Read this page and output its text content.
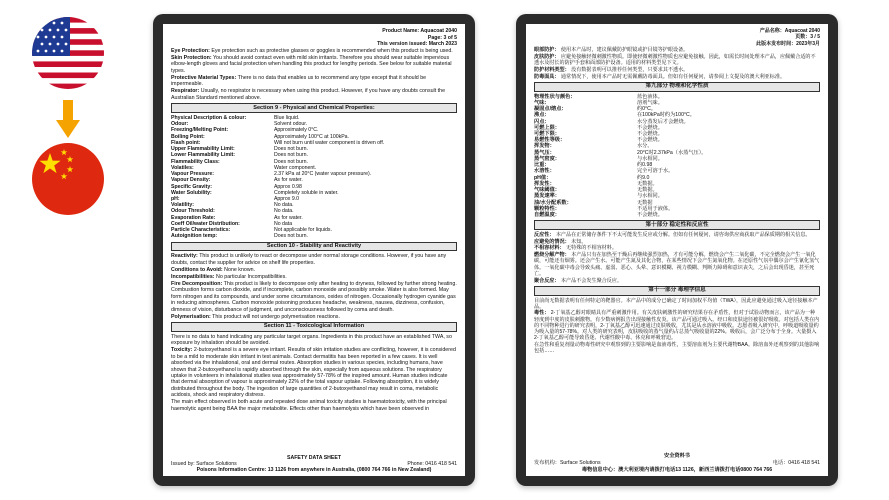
Product Name: Aquacoat 2040
Page: 3 of 5
This version issued: March 2023
Eye Protection: Eye protection such as protective glasses or goggles is recommended when this product is being used.
Skin Protection: You should avoid contact even with mild skin irritants. Therefore you should wear suitable impervious elbow-length gloves and facial protection when handling this product for lengthy periods. See below for suitable material types.
Protective Material Types: There is no data that enables us to recommend any type except that it should be impermeable.
Respirator: Usually, no respirator is necessary when using this product. However, if you have any doubts consult the Australian Standard mentioned above.
Section 9 - Physical and Chemical Properties:
Physical Description & colour:	Blue liquid.
Odour:	Solvent odour.
Freezing/Melting Point:	Approximately 0°C.
Boiling Point:	Approximately 100°C at 100kPa.
Flash point:	Will not burn until water component is driven off.
Upper Flammability Limit:	Does not burn.
Lower Flammability Limit:	Does not burn.
Flammability Class:	Does not burn.
Volatiles:	Water component.
Vapour Pressure:	2.37 kPa at 20°C (water vapour pressure).
Vapour Density:	As for water.
Specific Gravity:	Approx 0.98
Water Solubility:	Completely soluble in water.
pH:	Approx 9.0
Volatility:	No data.
Odour Threshold:	No data.
Evaporation Rate:	As for water.
Coeff Oil/water Distribution:	No data
Particle Characteristics:	Not applicable for liquids.
Autoignition temp:	Does not burn.
Section 10 - Stability and Reactivity
Reactivity: This product is unlikely to react or decompose under normal storage conditions. However, if you have any doubts, contact the supplier for advice on shelf life properties.
Conditions to Avoid: None known.
Incompatibilities: No particular Incompatibilities.
Fire Decomposition: This product is likely to decompose only after heating to dryness, followed by further strong heating. Combustion forms carbon dioxide, and if incomplete, carbon monoxide and possibly smoke. Water is also formed. May form nitrogen and its compounds, and under some circumstances, oxides of nitrogen. Occasionally hydrogen cyanide gas in reducing atmospheres. Carbon monoxide poisoning produces headache, weakness, nausea, dizziness, confusion, dimness of vision, disturbance of judgment, and unconsciousness followed by coma and death.
Polymerisation: This product will not undergo polymerisation reactions.
Section 11 - Toxicological Information
There is no data to hand indicating any particular target organs. Ingredients in this product have an established TWA, so exposure by inhalation should be avoided.
Toxicity: 2-butoxyethanol is a severe eye irritant. Results of skin irritation studies are conflicting, however, it is considered to be a mild to moderate skin irritant in test animals. Contact dermatitis has been reported in a few cases. It is well absorbed via the inhalational, oral and dermal routes. Absorption studies in various species, including humans, have shown that 2-butoxyethanol is rapidly absorbed through the skin, especially from aqueous solutions. The respiratory uptake in volunteers in inhalational studies was approximately 57-78% of the inspired amount. Human studies indicate that dermal absorption of vapour is approximately 22% of the total vapour uptake. Following absorption, it is widely distributed throughout the body. The ingestion of large quantities of 2-butoxyethanol may result in coma, metabolic acidosis, shock and respiratory distress.
The main effect observed in both acute and repeated dose animal toxicity studies is haematotoxicity, with the principal haemolytic agent being BAA the major metabolite. Effects other than haemolysis which have been observed in
SAFETY DATA SHEET
Issued by: Surface Solutions	Phone: 0416 418 541
Poisons Information Centre: 13 1126 from anywhere in Australia, (0800 764 766 in New Zealand)
产品名称：Aquacoat 2040
页数：3 / 5
此版本发布时间：2023年3月
眼部防护： 使用本产品时，建议佩戴防护眼镜或护目镜等护眼设备。
皮肤防护： 应避免接触轻微刺激性物质。即使轻微刺激性物质也应避免接触。因此，如需长时间处理本产品，应佩戴合适的不透水及肘长的防护手套和面部防护设备。适用的材料类型见下文。
防护材料类型： 没有数据表明可以推荐任何类型，只要求其不透水。
防毒面具： 通常情况下，使用本产品时无需佩戴防毒面具。但如有任何疑问，请参阅上文提及的澳大利亚标准。
第九部分 物理和化学性质
物理性状与颜色：	蓝色液体。
气味：	溶剂气味。
凝固点/熔点：	约0°C。
沸点：	在100kPa时约为100°C。
闪点：	水分蒸发后才会燃烧。
可燃上限：	不会燃烧。
可燃下限：	不会燃烧。
易燃性等级：	不会燃烧。
挥发物：	水分。
蒸气压：	20°C时2.37kPa（水蒸气压）。
蒸气密度：	与水相同。
比重：	约0.98
水溶性：	完全可溶于水。
pH值：	约9.0
挥发性：	无数据。
气味阈值：	无数据。
蒸发速率：	与水相同。
油/水分配系数：	无数据
颗粒特性：	不适用于液体。
自燃温度：	不会燃烧。
第十部分 稳定性和反应性
反应性： 本产品在正常储存条件下不太可能发生反应或分解。但如有任何疑问，请咨询供应商获取产品保质期的相关信息。
应避免的情况： 未知。
不相容材料： 无特殊的不相容材料。
燃烧分解产物： 本产品只有在加热至干燥后再继续强烈加热，才有可能分解。燃烧会产生二氧化碳，不完全燃烧会产生一氧化碳，可能还有烟雾。还会产生水。可能产生氮及其化合物，在某些情况下会产生氮氧化物。在还原性气氛中偶尔会产生氰化氢气体。一氧化碳中毒会导致头痛、虚弱、恶心、头晕、意识模糊、视力模糊、判断力障碍和意识丧失，之后会出现昏迷，甚至死亡。
聚合反应： 本产品不会发生聚合反应。
第十一部分 毒理学信息
目前尚无数据表明有任何特定的靶器官。本产品中的成分已确定了时间加权平均值（TWA），因此应避免通过吸入途径接触本产品。
毒性： 2-丁氧基乙醇对眼睛具有严重刺激作用。有关皮肤刺激性的研究结果存在矛盾性，但对于试验动物而言，该产品为一种轻度到中度的皮肤刺激物。有少数病例报告出现接触性皮炎。该产品可通过吸入、经口和皮肤途径被很好吸收。对包括人类在内的不同物种进行的研究表明，2-丁氧基乙醇可迅速通过皮肤吸收，尤其是从水溶液中吸收。志愿者吸入研究中，呼吸道吸收量约为吸入量的57-78%。对人类的研究表明，皮肤吸收的蒸气量约占总蒸气吸收量的22%。吸收后，会广泛分布于全身。大量摄入2-丁氧基乙醇可能导致昏迷、代谢性酸中毒、休克和呼吸窘迫。
在急性和重复剂量动物毒性研究中观察到的主要影响是血液毒性，主要溶血剂为主要代谢物BAA。除溶血外还观察到的其他影响包括……
安全资料书
发布机构：Surface Solutions	电话：0416 418 541
毒物信息中心：澳大利亚境内请拨打电话13 1126，新西兰请拨打电话0800 764 766
